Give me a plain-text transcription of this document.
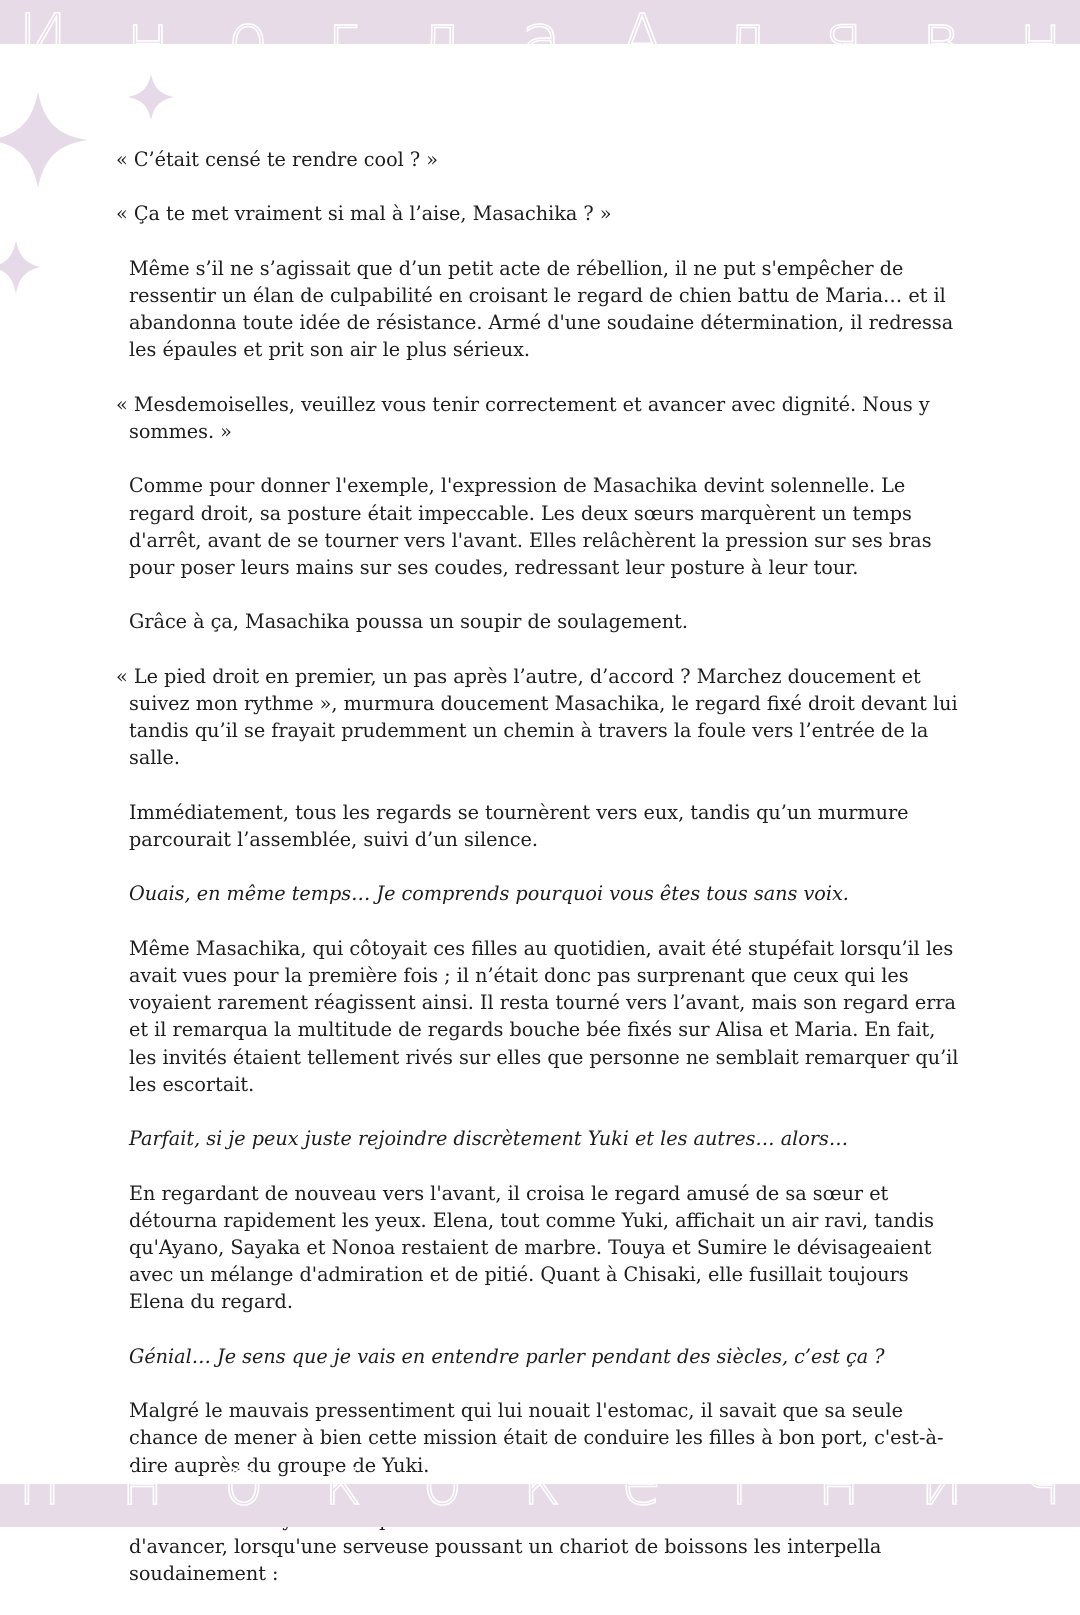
И н о г д а А л я в н

« C’était censé te rendre cool ? »

« Ça te met vraiment si mal à l’aise, Masachika ? »

Même s’il ne s’agissait que d’un petit acte de rébellion, il ne put s'empêcher de ressentir un élan de culpabilité en croisant le regard de chien battu de Maria… et il abandonna toute idée de résistance. Armé d'une soudaine détermination, il redressa les épaules et prit son air le plus sérieux.

« Mesdemoiselles, veuillez vous tenir correctement et avancer avec dignité. Nous y sommes. »

Comme pour donner l'exemple, l'expression de Masachika devint solennelle. Le regard droit, sa posture était impeccable. Les deux sœurs marquèrent un temps d'arrêt, avant de se tourner vers l'avant. Elles relâchèrent la pression sur ses bras pour poser leurs mains sur ses coudes, redressant leur posture à leur tour.

Grâce à ça, Masachika poussa un soupir de soulagement.

« Le pied droit en premier, un pas après l’autre, d’accord ? Marchez doucement et suivez mon rythme », murmura doucement Masachika, le regard fixé droit devant lui tandis qu’il se frayait prudemment un chemin à travers la foule vers l’entrée de la salle.

Immédiatement, tous les regards se tournèrent vers eux, tandis qu’un murmure parcourait l’assemblée, suivi d’un silence.

Ouais, en même temps… Je comprends pourquoi vous êtes tous sans voix.

Même Masachika, qui côtoyait ces filles au quotidien, avait été stupéfait lorsqu’il les avait vues pour la première fois ; il n’était donc pas surprenant que ceux qui les voyaient rarement réagissent ainsi. Il resta tourné vers l’avant, mais son regard erra et il remarqua la multitude de regards bouche bée fixés sur Alisa et Maria. En fait, les invités étaient tellement rivés sur elles que personne ne semblait remarquer qu’il les escortait.

Parfait, si je peux juste rejoindre discrètement Yuki et les autres… alors…

En regardant de nouveau vers l'avant, il croisa le regard amusé de sa sœur et détourna rapidement les yeux. Elena, tout comme Yuki, affichait un air ravi, tandis qu'Ayano, Sayaka et Nonoa restaient de marbre. Touya et Sumire le dévisageaient avec un mélange d'admiration et de pitié. Quant à Chisaki, elle fusillait toujours Elena du regard.

Génial… Je sens que je vais en entendre parler pendant des siècles, c’est ça ?

Malgré le mauvais pressentiment qui lui nouait l'estomac, il savait que sa seule chance de mener à bien cette mission était de conduire les filles à bon port, c'est-à-dire auprès du groupe de Yuki.

d'avancer, lorsqu'une serveuse poussant un chariot de boissons les interpella soudainement :

п н о к о к е т н и ч
